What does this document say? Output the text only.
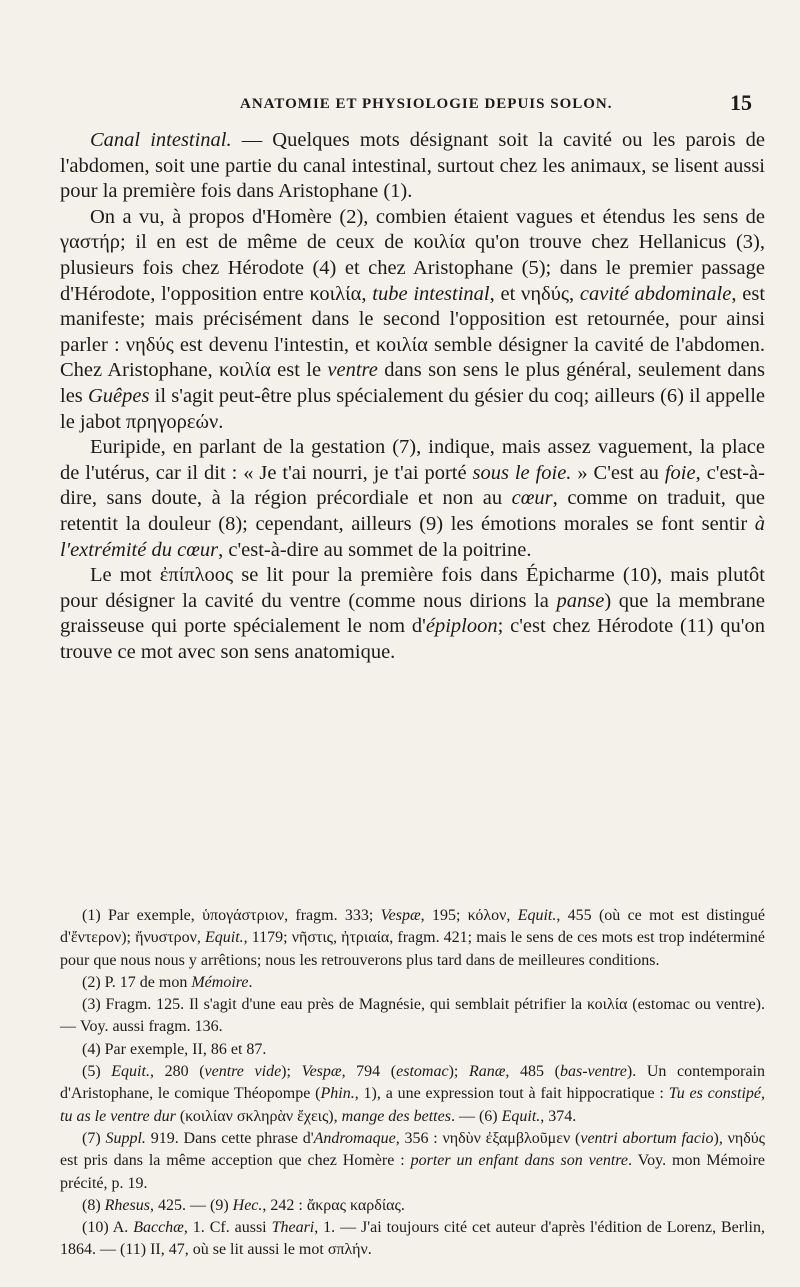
ANATOMIE ET PHYSIOLOGIE DEPUIS SOLON.	15

Canal intestinal. — Quelques mots désignant soit la cavité ou les parois de l'abdomen, soit une partie du canal intestinal, surtout chez les animaux, se lisent aussi pour la première fois dans Aristophane (1).

On a vu, à propos d'Homère (2), combien étaient vagues et étendus les sens de γαστήρ; il en est de même de ceux de κοιλία qu'on trouve chez Hellanicus (3), plusieurs fois chez Hérodote (4) et chez Aristophane (5); dans le premier passage d'Hérodote, l'opposition entre κοιλία, tube intestinal, et νηδύς, cavité abdominale, est manifeste; mais précisément dans le second l'opposition est retournée, pour ainsi parler : νηδύς est devenu l'intestin, et κοιλία semble désigner la cavité de l'abdomen. Chez Aristophane, κοιλία est le ventre dans son sens le plus général, seulement dans les Guêpes il s'agit peut-être plus spécialement du gésier du coq; ailleurs (6) il appelle le jabot πρηγορεών.

Euripide, en parlant de la gestation (7), indique, mais assez vaguement, la place de l'utérus, car il dit : « Je t'ai nourri, je t'ai porté sous le foie. » C'est au foie, c'est-à-dire, sans doute, à la région précordiale et non au cœur, comme on traduit, que retentit la douleur (8); cependant, ailleurs (9) les émotions morales se font sentir à l'extrémité du cœur, c'est-à-dire au sommet de la poitrine.

Le mot ἐπίπλοος se lit pour la première fois dans Épicharme (10), mais plutôt pour désigner la cavité du ventre (comme nous dirions la panse) que la membrane graisseuse qui porte spécialement le nom d'épiploon; c'est chez Hérodote (11) qu'on trouve ce mot avec son sens anatomique.

(1) Par exemple, ὑπογάστριον, fragm. 333; Vespæ, 195; κόλον, Equit., 455 (où ce mot est distingué d'ἔντερον); ἤνυστρον, Equit., 1179; νῆστις, ἠτριαία, fragm. 421; mais le sens de ces mots est trop indéterminé pour que nous nous y arrêtions; nous les retrouverons plus tard dans de meilleures conditions.

(2) P. 17 de mon Mémoire.

(3) Fragm. 125. Il s'agit d'une eau près de Magnésie, qui semblait pétrifier la κοιλία (estomac ou ventre). — Voy. aussi fragm. 136.

(4) Par exemple, II, 86 et 87.

(5) Equit., 280 (ventre vide); Vespæ, 794 (estomac); Ranæ, 485 (bas-ventre). Un contemporain d'Aristophane, le comique Théopompe (Phin., 1), a une expression tout à fait hippocratique : Tu es constipé, tu as le ventre dur (κοιλίαν σκληρὰν ἔχεις), mange des bettes. — (6) Equit., 374.

(7) Suppl. 919. Dans cette phrase d'Andromaque, 356 : νηδὺν ἐξαμβλοῦμεν (ventri abortum facio), νηδύς est pris dans la même acception que chez Homère : porter un enfant dans son ventre. Voy. mon Mémoire précité, p. 19.

(8) Rhesus, 425. — (9) Hec., 242 : ἄκρας καρδίας.

(10) A. Bacchæ, 1. Cf. aussi Theari, 1. — J'ai toujours cité cet auteur d'après l'édition de Lorenz, Berlin, 1864. — (11) II, 47, où se lit aussi le mot σπλήν.
